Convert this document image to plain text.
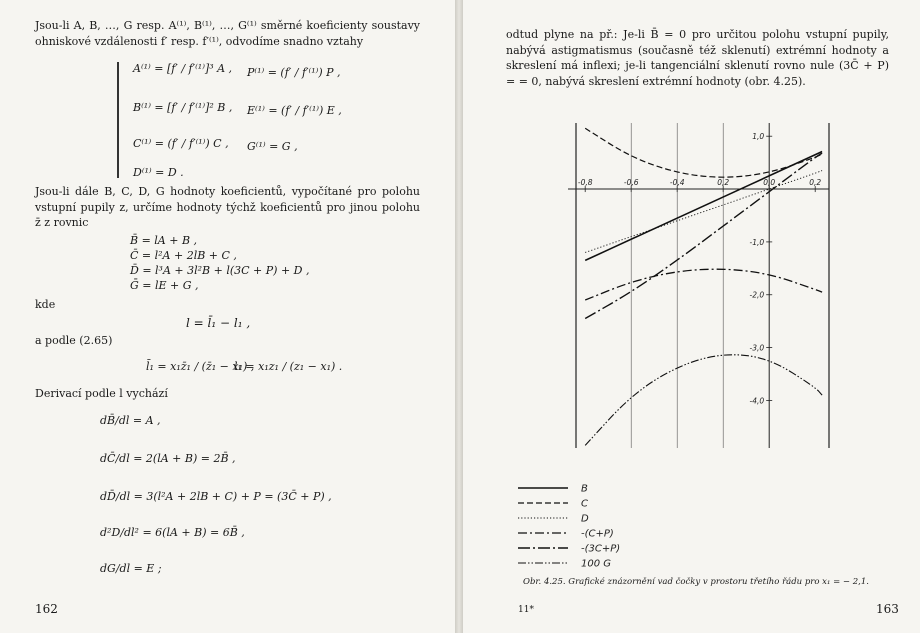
Jsou-li A, B, …, G resp. A⁽¹⁾, B⁽¹⁾, …, G⁽¹⁾ směrné koeficienty soustavy ohniskové vzdálenosti f′ resp. f′⁽¹⁾, odvodíme snadno vztahy
A⁽¹⁾ = [f′ / f′⁽¹⁾]³ A , P⁽¹⁾ = (f′ / f′⁽¹⁾) P ,
B⁽¹⁾ = [f′ / f′⁽¹⁾]² B , E⁽¹⁾ = (f′ / f′⁽¹⁾) E ,
C⁽¹⁾ = (f′ / f′⁽¹⁾) C , G⁽¹⁾ = G ,
D⁽¹⁾ = D .
Jsou-li dále B, C, D, G hodnoty koeficientů, vypočítané pro polohu vstupní pupily z, určíme hodnoty týchž koeficientů pro jinou polohu z̄ z rovnic
B̄ = lA + B ,
C̄ = l²A + 2lB + C ,
D̄ = l³A + 3l²B + l(3C + P) + D ,
Ḡ = lE + G ,
kde
l = l̄₁ − l₁ ,
a podle (2.65)
l̄₁ = x₁z̄₁ / (z̄₁ − x₁) ,
l₁ = x₁z₁ / (z₁ − x₁) .
Derivací podle l vychází
dB̄/dl = A ,
dC̄/dl = 2(lA + B) = 2B̄ ,
dD̄/dl = 3(l²A + 2lB + C) + P = (3C̄ + P) ,
d²D/dl² = 6(lA + B) = 6B̄ ,
dG/dl = E ;
162
odtud plyne na př.: Je-li B̄ = 0 pro určitou polohu vstupní pupily, nabývá astigmatismus (současně též sklenutí) extrémní hodnoty a skreslení má inflexi; je-li tangenciální sklenutí rovno nule (3C̄ + P) = = 0, nabývá skreslení extrémní hodnoty (obr. 4.25).
-0,8	-0,6	-0,4	0,2	0,0	0,2
1,0
-1,0
-2,0
-3,0
-4,0
B
C
D
-(C+P)
-(3C+P)
100 G
Obr. 4.25. Grafické znázornění vad čočky v prostoru třetího řádu pro x₁ = − 2,1.
11*	163
